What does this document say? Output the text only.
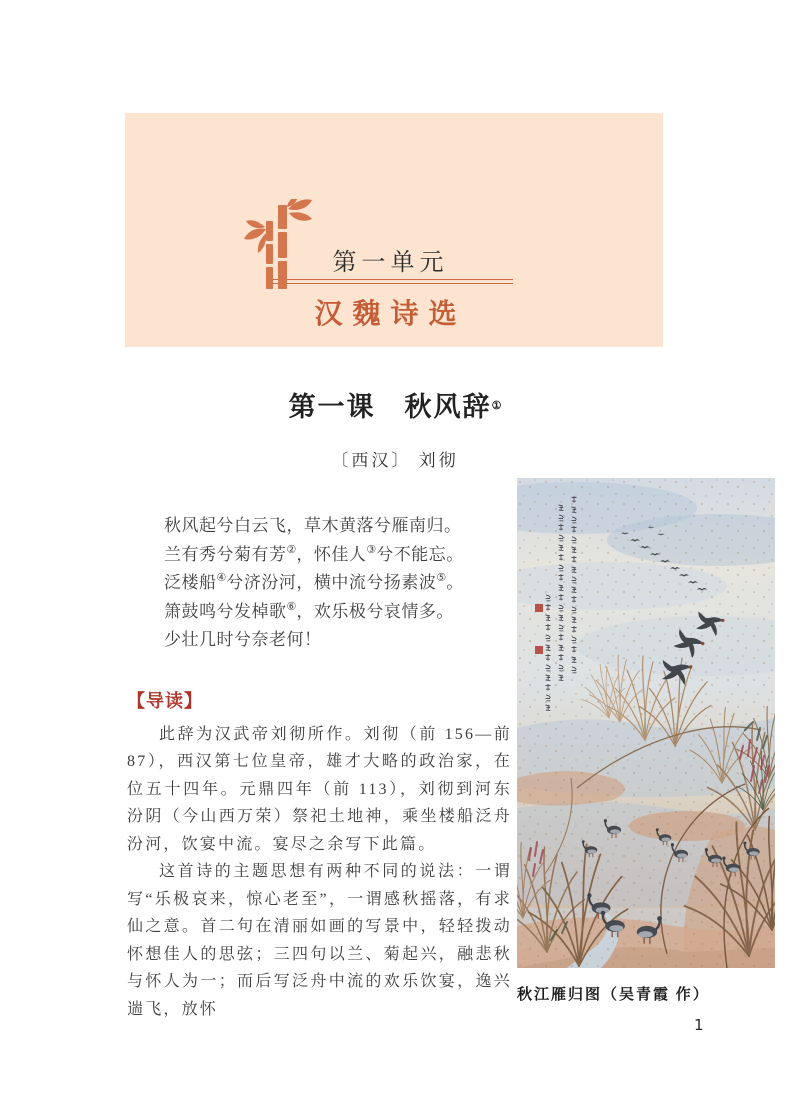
第一单元
汉魏诗选
第一课　秋风辞①
〔西汉〕 刘彻
秋风起兮白云飞，草木黄落兮雁南归。
兰有秀兮菊有芳②，怀佳人③兮不能忘。
泛楼船④兮济汾河，横中流兮扬素波⑤。
箫鼓鸣兮发棹歌⑥，欢乐极兮哀情多。
少壮几时兮奈老何！
【导读】

此辞为汉武帝刘彻所作。刘彻（前 156—前 87），西汉第七位皇帝，雄才大略的政治家，在位五十四年。元鼎四年（前 113），刘彻到河东汾阴（今山西万荣）祭祀土地神，乘坐楼船泛舟汾河，饮宴中流。宴尽之余写下此篇。

这首诗的主题思想有两种不同的说法：一谓写“乐极哀来，惊心老至”，一谓感秋摇落，有求仙之意。首二句在清丽如画的写景中，轻轻拨动怀想佳人的思弦；三四句以兰、菊起兴，融悲秋与怀人为一；而后写泛舟中流的欢乐饮宴，逸兴遄飞，放怀

秋江雁归图（吴青霞 作）
1
